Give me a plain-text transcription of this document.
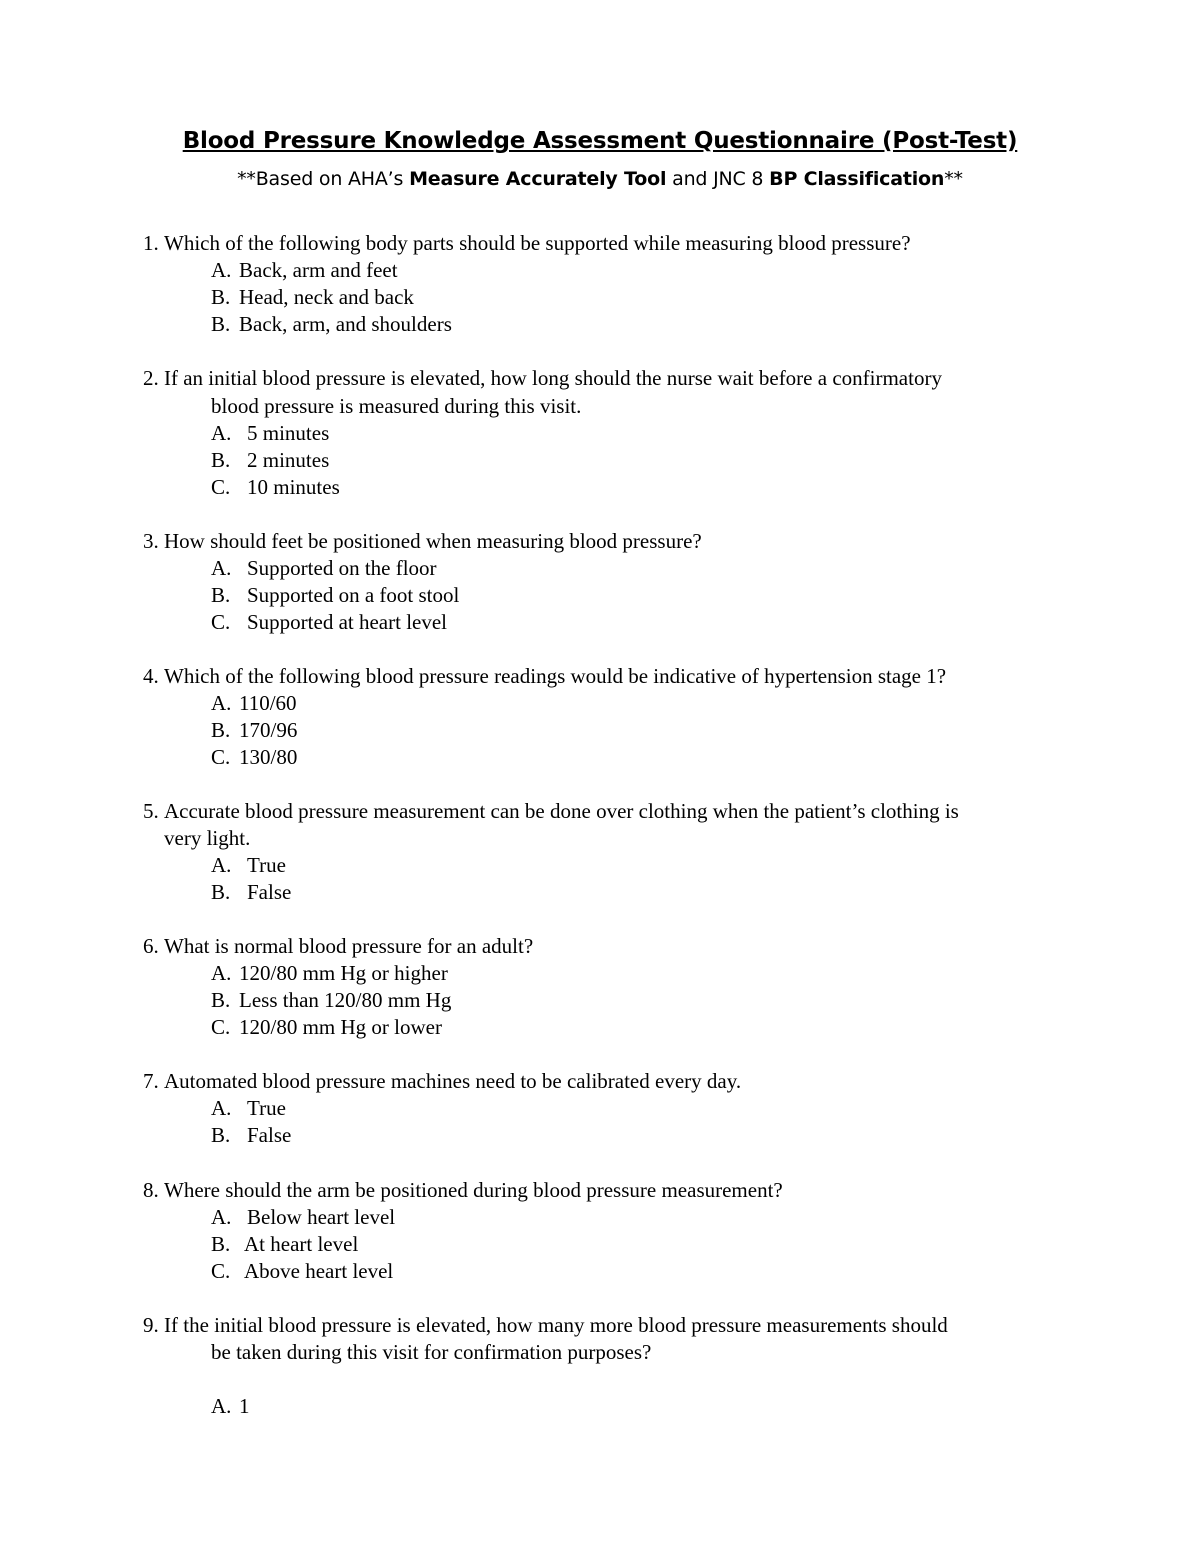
Blood Pressure Knowledge Assessment Questionnaire (Post-Test)
**Based on AHA’s Measure Accurately Tool and JNC 8 BP Classification**
1. Which of the following body parts should be supported while measuring blood pressure?
A. Back, arm and feet
B. Head, neck and back
B. Back, arm, and shoulders
2. If an initial blood pressure is elevated, how long should the nurse wait before a confirmatory
blood pressure is measured during this visit.
A. 5 minutes
B. 2 minutes
C. 10 minutes
3. How should feet be positioned when measuring blood pressure?
A. Supported on the floor
B. Supported on a foot stool
C. Supported at heart level
4. Which of the following blood pressure readings would be indicative of hypertension stage 1?
A. 110/60
B. 170/96
C. 130/80
5. Accurate blood pressure measurement can be done over clothing when the patient’s clothing is
very light.
A. True
B. False
6. What is normal blood pressure for an adult?
A. 120/80 mm Hg or higher
B. Less than 120/80 mm Hg
C. 120/80 mm Hg or lower
7. Automated blood pressure machines need to be calibrated every day.
A. True
B. False
8. Where should the arm be positioned during blood pressure measurement?
A. Below heart level
B. At heart level
C. Above heart level
9. If the initial blood pressure is elevated, how many more blood pressure measurements should
be taken during this visit for confirmation purposes?
A. 1
